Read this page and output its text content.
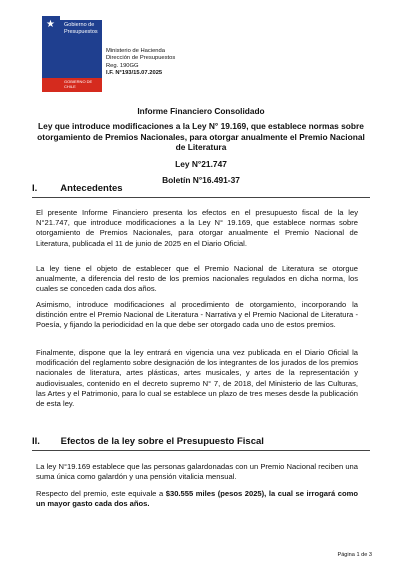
★ Gobierno de
Presupuestos
GOBIERNO DE CHILE
Ministerio de Hacienda
Dirección de Presupuestos
Reg. 190GG
I.F. N°193/15.07.2025
Informe Financiero Consolidado
Ley que introduce modificaciones a la Ley N° 19.169, que establece normas sobre otorgamiento de Premios Nacionales, para otorgar anualmente el Premio Nacional de Literatura
Ley N°21.747
Boletín N°16.491-37
I. Antecedentes
El presente Informe Financiero presenta los efectos en el presupuesto fiscal de la ley N°21.747, que introduce modificaciones a la Ley N° 19.169, que establece normas sobre otorgamiento de Premios Nacionales, para otorgar anualmente el Premio Nacional de Literatura, publicada el 11 de junio de 2025 en el Diario Oficial.
La ley tiene el objeto de establecer que el Premio Nacional de Literatura se otorgue anualmente, a diferencia del resto de los premios nacionales regulados en dicha norma, los cuales se conceden cada dos años.
Asimismo, introduce modificaciones al procedimiento de otorgamiento, incorporando la distinción entre el Premio Nacional de Literatura - Narrativa y el Premio Nacional de Literatura - Poesía, y fijando la periodicidad en la que debe ser otorgado cada uno de estos premios.
Finalmente, dispone que la ley entrará en vigencia una vez publicada en el Diario Oficial la modificación del reglamento sobre designación de los integrantes de los jurados de los premios nacionales de literatura, artes plásticas, artes musicales, y artes de la representación y audiovisuales, contenido en el decreto supremo N° 7, de 2018, del Ministerio de las Culturas, las Artes y el Patrimonio, para lo cual se establece un plazo de tres meses desde la publicación de esta ley.
II. Efectos de la ley sobre el Presupuesto Fiscal
La ley N°19.169 establece que las personas galardonadas con un Premio Nacional reciben una suma única como galardón y una pensión vitalicia mensual.
Respecto del premio, este equivale a $30.555 miles (pesos 2025), la cual se irrogará como un mayor gasto cada dos años.
Página 1 de 3
